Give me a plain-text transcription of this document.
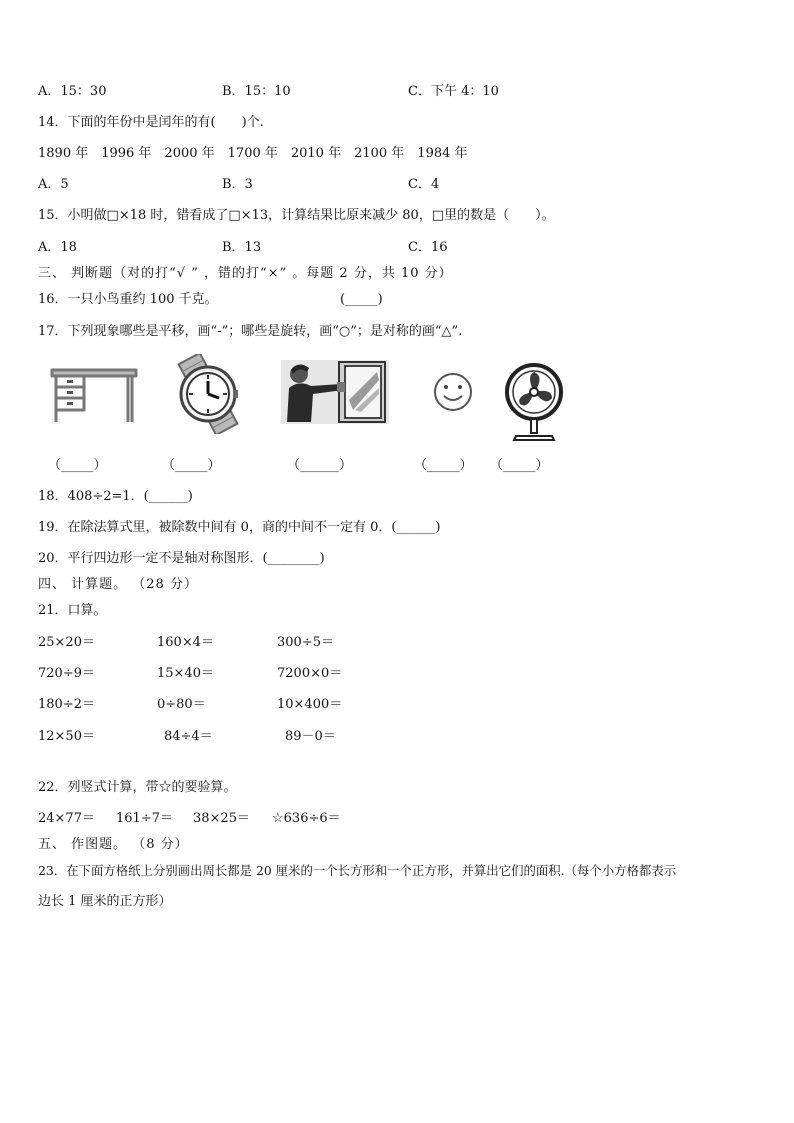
A．15：30	B．15：10	C．下午 4：10
14．下面的年份中是闰年的有(　　)个.
1890 年　1996 年　2000 年　1700 年　2010 年　2100 年　1984 年
A．5	B．3	C．4
15．小明做□×18 时，错看成了□×13，计算结果比原来减少 80，□里的数是（　　）。
A．18	B．13	C．16
三、 判断题（对的打“√ ” ，错的打“×” 。每题 2 分，共 10 分）
16．一只小鸟重约 100 千克。	(_____)
17．下列现象哪些是平移，画“-”；哪些是旋转，画“○”；是对称的画“△”.
（_____）	（_____）	（______）	（_____） （_____）
18．408÷2=1．(______)
19．在除法算式里，被除数中间有 0，商的中间不一定有 0．(______)
20．平行四边形一定不是轴对称图形．(________)
四、 计算题。 （28 分）
21．口算。
25×20＝	160×4＝	300÷5＝
720÷9＝	15×40＝	7200×0＝
180÷2＝	0÷80＝	10×400＝
12×50＝	84÷4＝	89－0＝
22．列竖式计算，带☆的要验算。
24×77＝ 161÷7＝ 38×25＝ ☆636÷6＝
五、 作图题。 （8 分）
23．在下面方格纸上分别画出周长都是 20 厘米的一个长方形和一个正方形，并算出它们的面积.（每个小方格都表示
边长 1 厘米的正方形）
